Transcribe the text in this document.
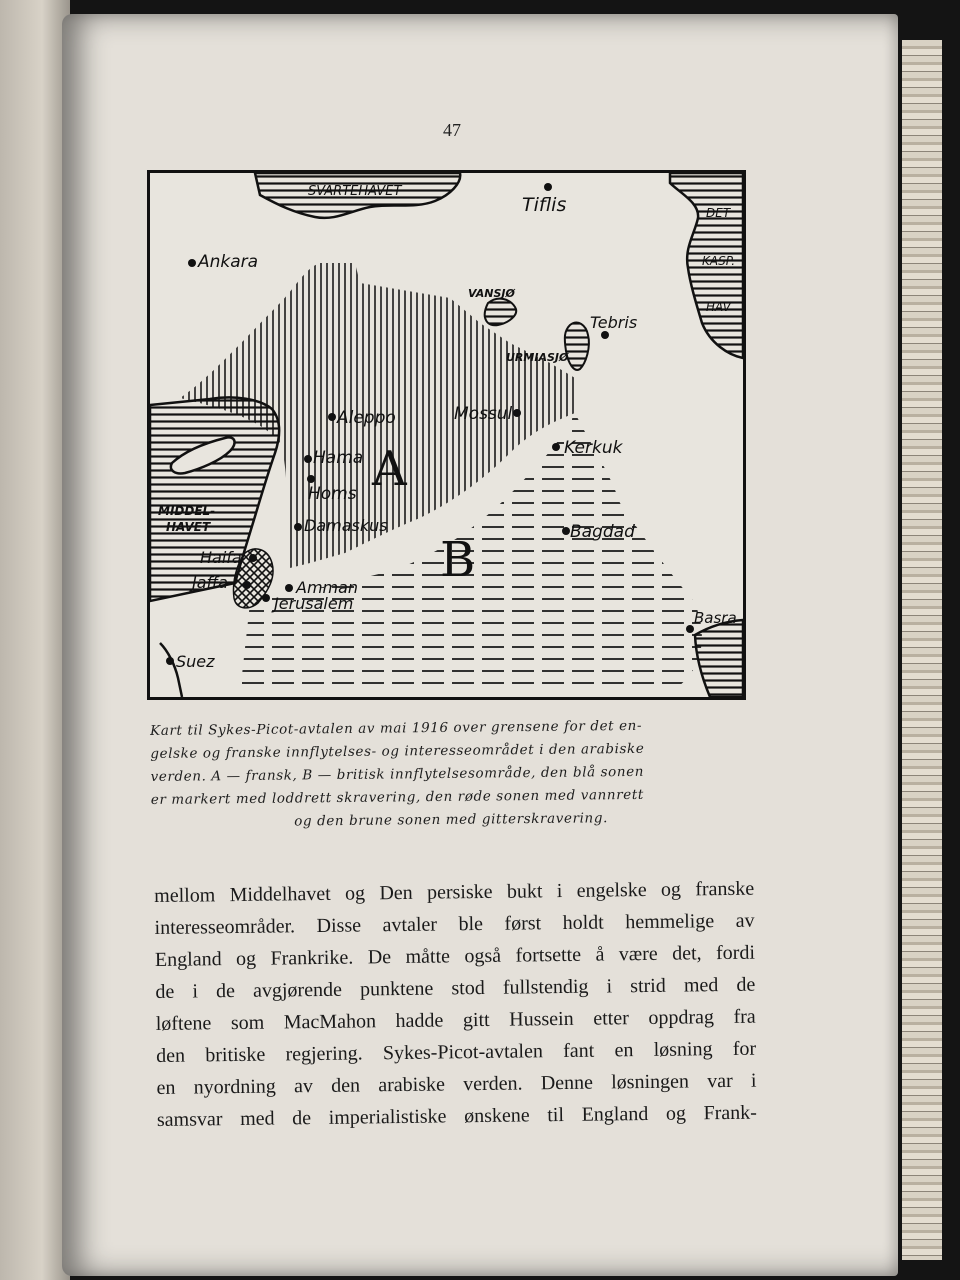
47
SVARTEHAVET
Tiflis	DET
KASP.
HAV
Ankara
VANSJØ
Tebris
URMIASJØ
Aleppo	Mossul
Kerkuk
Hama
Homs A
MIDDEL-
HAVET	Damaskus	Bagdad
B
Haifa
Jaffa	Amman
Jerusalem
Basra
Suez
Kart til Sykes-Picot-avtalen av mai 1916 over grensene for det en-
gelske og franske innflytelses- og interesseområdet i den arabiske
verden. A — fransk, B — britisk innflytelsesområde, den blå sonen
er markert med loddrett skravering, den røde sonen med vannrett
og den brune sonen med gitterskravering.
mellom Middelhavet og Den persiske bukt i engelske og franske
interesseområder. Disse avtaler ble først holdt hemmelige av
England og Frankrike. De måtte også fortsette å være det, fordi
de i de avgjørende punktene stod fullstendig i strid med de
løftene som MacMahon hadde gitt Hussein etter oppdrag fra
den britiske regjering. Sykes-Picot-avtalen fant en løsning for
en nyordning av den arabiske verden. Denne løsningen var i
samsvar med de imperialistiske ønskene til England og Frank-
